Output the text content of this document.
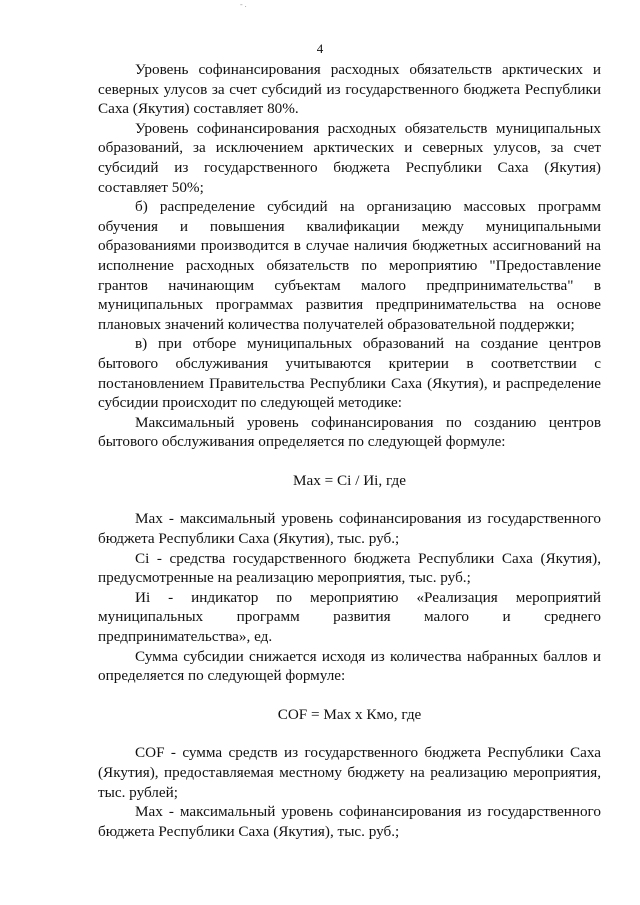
- .
4

Уровень софинансирования расходных обязательств арктических и северных улусов за счет субсидий из государственного бюджета Республики Саха (Якутия) составляет 80%.

Уровень софинансирования расходных обязательств муниципальных образований, за исключением арктических и северных улусов, за счет субсидий из государственного бюджета Республики Саха (Якутия) составляет 50%;

б) распределение субсидий на организацию массовых программ обучения и повышения квалификации между муниципальными образованиями производится в случае наличия бюджетных ассигнований на исполнение расходных обязательств по мероприятию "Предоставление грантов начинающим субъектам малого предпринимательства" в муниципальных программах развития предпринимательства на основе плановых значений количества получателей образовательной поддержки;

в) при отборе муниципальных образований на создание центров бытового обслуживания учитываются критерии в соответствии с постановлением Правительства Республики Саха (Якутия), и распределение субсидии происходит по следующей методике:

Максимальный уровень софинансирования по созданию центров бытового обслуживания определяется по следующей формуле:

Max = Ci / Иi, где

Max - максимальный уровень софинансирования из государственного бюджета Республики Саха (Якутия), тыс. руб.;

Ci - средства государственного бюджета Республики Саха (Якутия), предусмотренные на реализацию мероприятия, тыс. руб.;

Иi - индикатор по мероприятию «Реализация мероприятий муниципальных программ развития малого и среднего предпринимательства», ед.

Сумма субсидии снижается исходя из количества набранных баллов и определяется по следующей формуле:

COF = Max x Кмо, где

COF - сумма средств из государственного бюджета Республики Саха (Якутия), предоставляемая местному бюджету на реализацию мероприятия, тыс. рублей;

Max - максимальный уровень софинансирования из государственного бюджета Республики Саха (Якутия), тыс. руб.;
